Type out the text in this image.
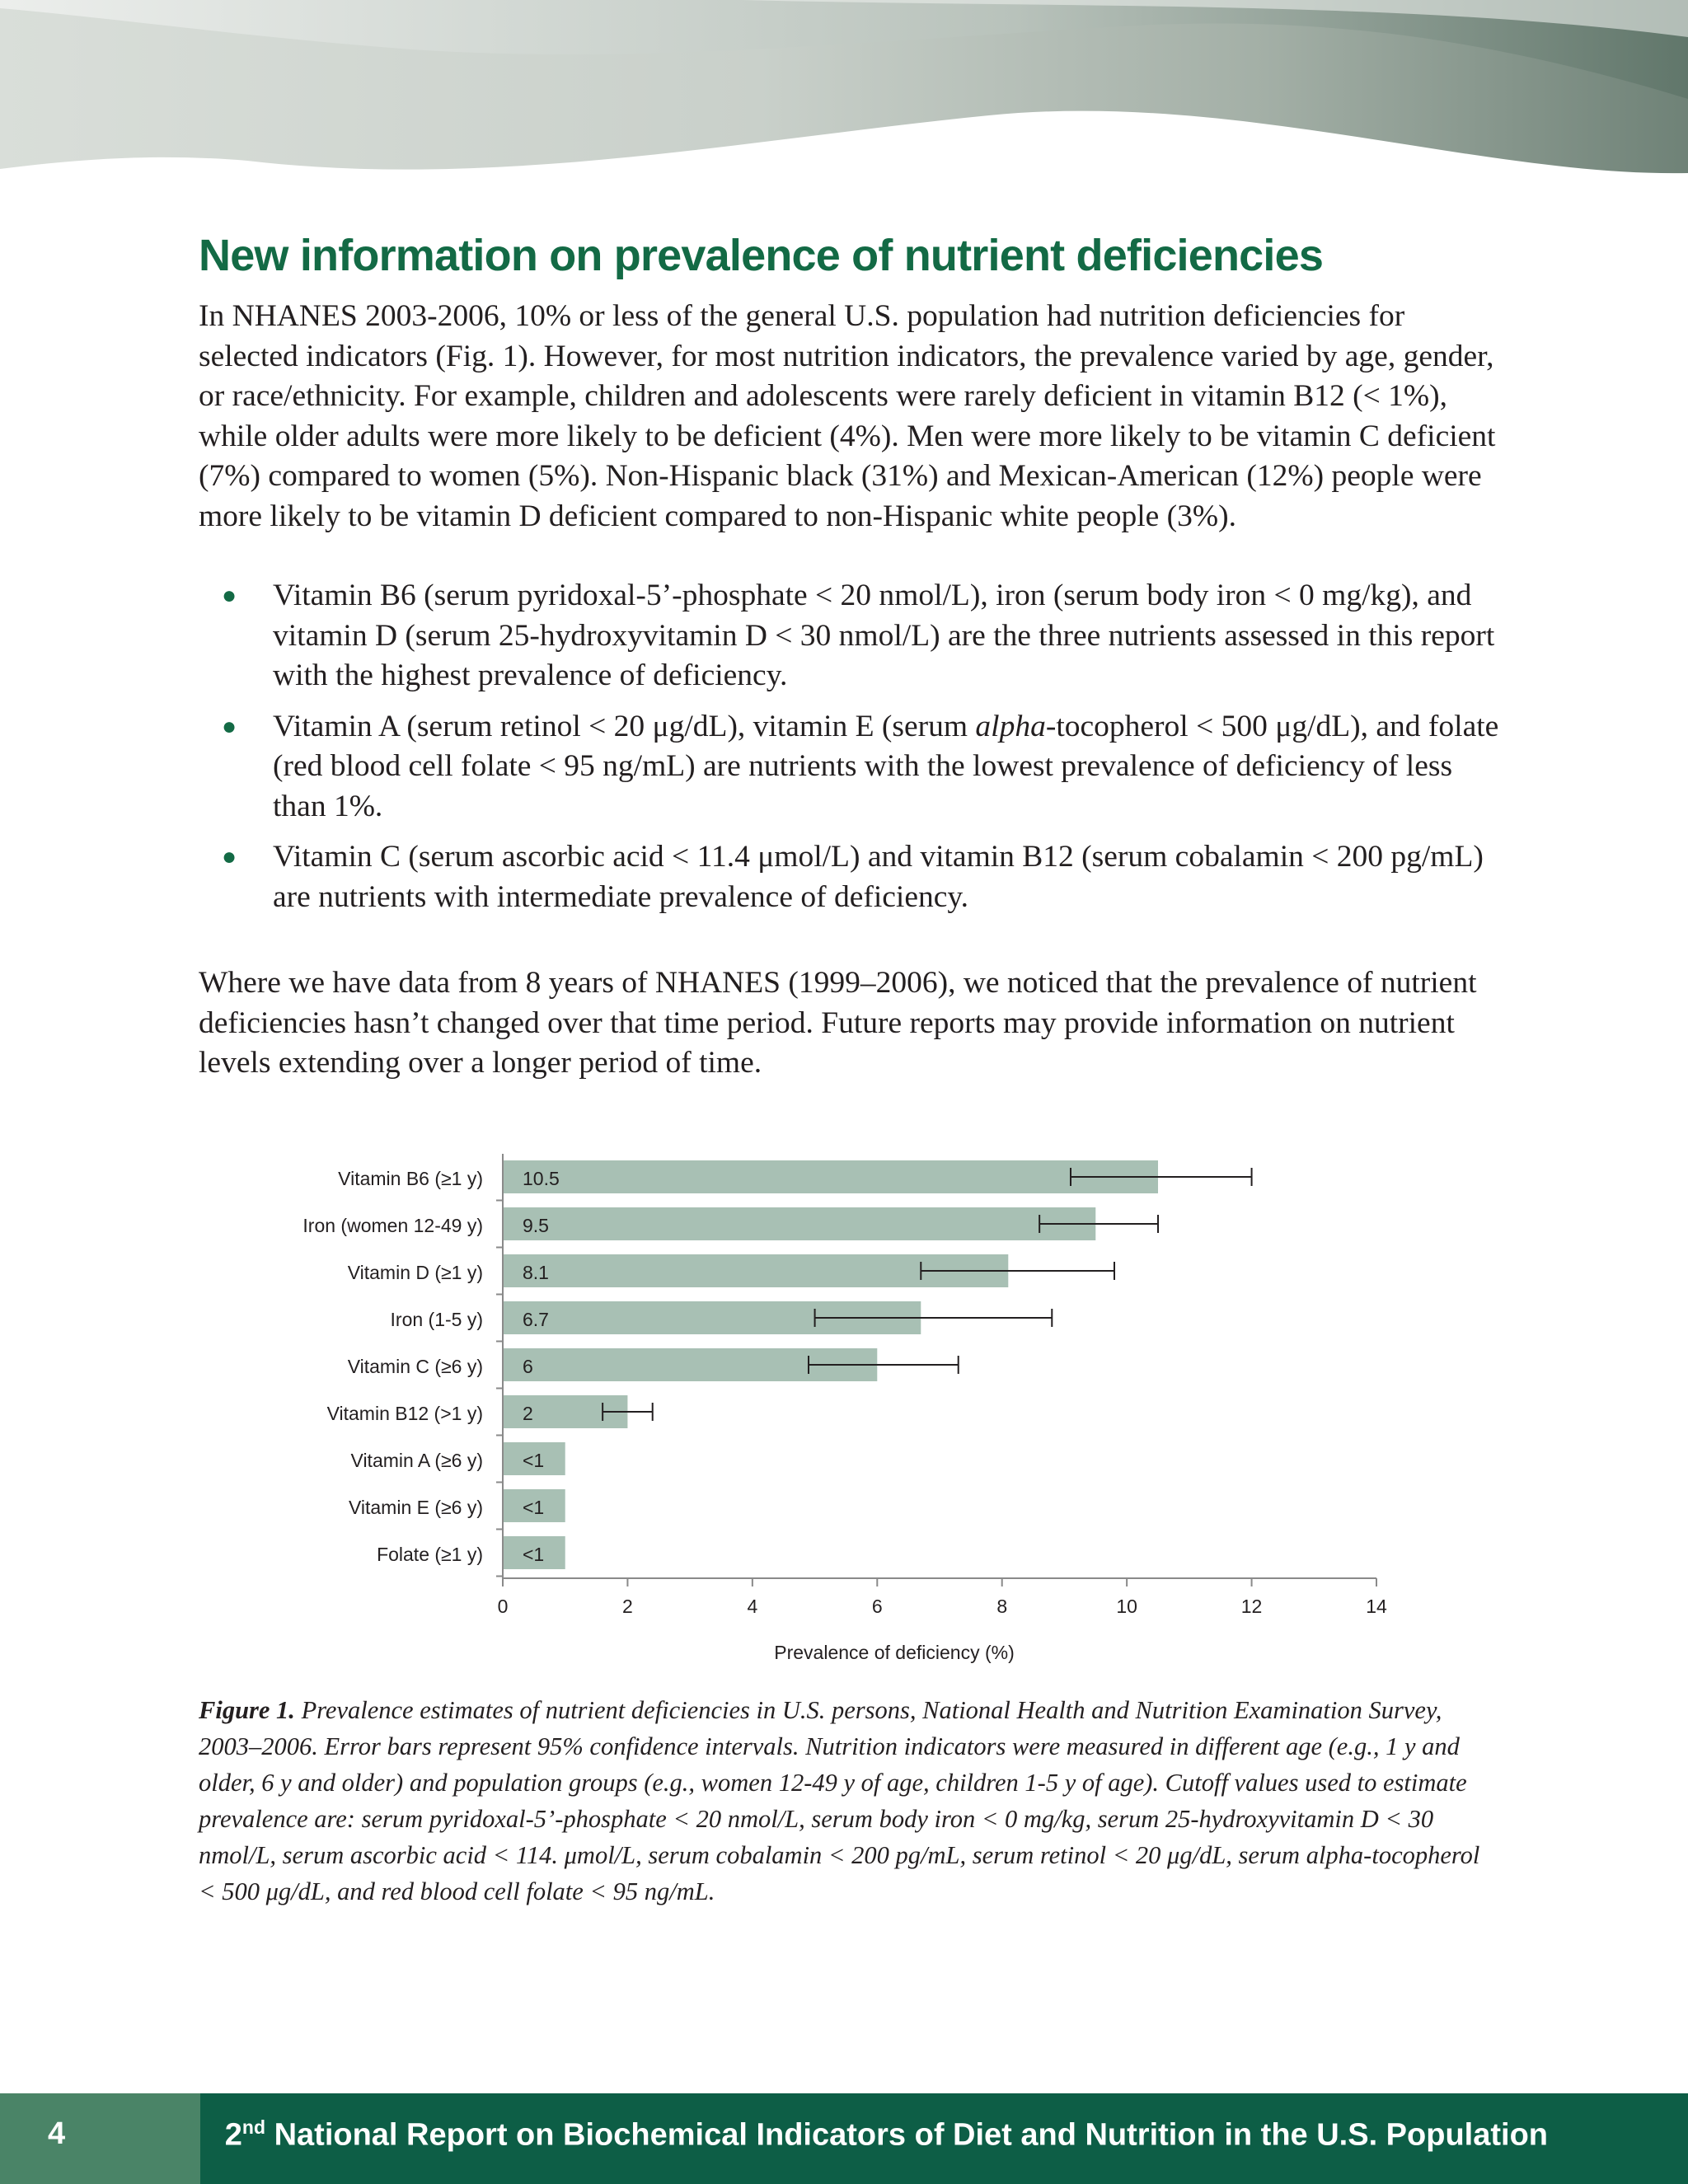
New information on prevalence of nutrient deficiencies

In NHANES 2003-2006, 10% or less of the general U.S. population had nutrition deficiencies for selected indicators (Fig. 1). However, for most nutrition indicators, the prevalence varied by age, gender, or race/ethnicity. For example, children and adolescents were rarely deficient in vitamin B12 (< 1%), while older adults were more likely to be deficient (4%). Men were more likely to be vitamin C deficient (7%) compared to women (5%). Non-Hispanic black (31%) and Mexican-American (12%) people were more likely to be vitamin D deficient compared to non-Hispanic white people (3%).

● Vitamin B6 (serum pyridoxal-5’-phosphate < 20 nmol/L), iron (serum body iron < 0 mg/kg), and vitamin D (serum 25-hydroxyvitamin D < 30 nmol/L) are the three nutrients assessed in this report with the highest prevalence of deficiency.
● Vitamin A (serum retinol < 20 μg/dL), vitamin E (serum alpha-tocopherol < 500 μg/dL), and folate (red blood cell folate < 95 ng/mL) are nutrients with the lowest prevalence of deficiency of less than 1%.
● Vitamin C (serum ascorbic acid < 11.4 μmol/L) and vitamin B12 (serum cobalamin < 200 pg/mL) are nutrients with intermediate prevalence of deficiency.

Where we have data from 8 years of NHANES (1999–2006), we noticed that the prevalence of nutrient deficiencies hasn’t changed over that time period. Future reports may provide information on nutrient levels extending over a longer period of time.

Vitamin B6 (≥1 y) 10.5
Iron (women 12-49 y) 9.5
Vitamin D (≥1 y) 8.1
Iron (1-5 y) 6.7
Vitamin C (≥6 y) 6
Vitamin B12 (>1 y) 2
Vitamin A (≥6 y) <1
Vitamin E (≥6 y) <1
Folate (≥1 y) <1
0	2	4	6	8	10	12	14
Prevalence of deficiency (%)

Figure 1. Prevalence estimates of nutrient deficiencies in U.S. persons, National Health and Nutrition Examination Survey, 2003–2006. Error bars represent 95% confidence intervals. Nutrition indicators were measured in different age (e.g., 1 y and older, 6 y and older) and population groups (e.g., women 12-49 y of age, children 1-5 y of age). Cutoff values used to estimate prevalence are: serum pyridoxal-5’-phosphate < 20 nmol/L, serum body iron < 0 mg/kg, serum 25-hydroxyvitamin D < 30 nmol/L, serum ascorbic acid < 114. μmol/L, serum cobalamin < 200 pg/mL, serum retinol < 20 μg/dL, serum alpha-tocopherol < 500 μg/dL, and red blood cell folate < 95 ng/mL.

4	2nd National Report on Biochemical Indicators of Diet and Nutrition in the U.S. Population
